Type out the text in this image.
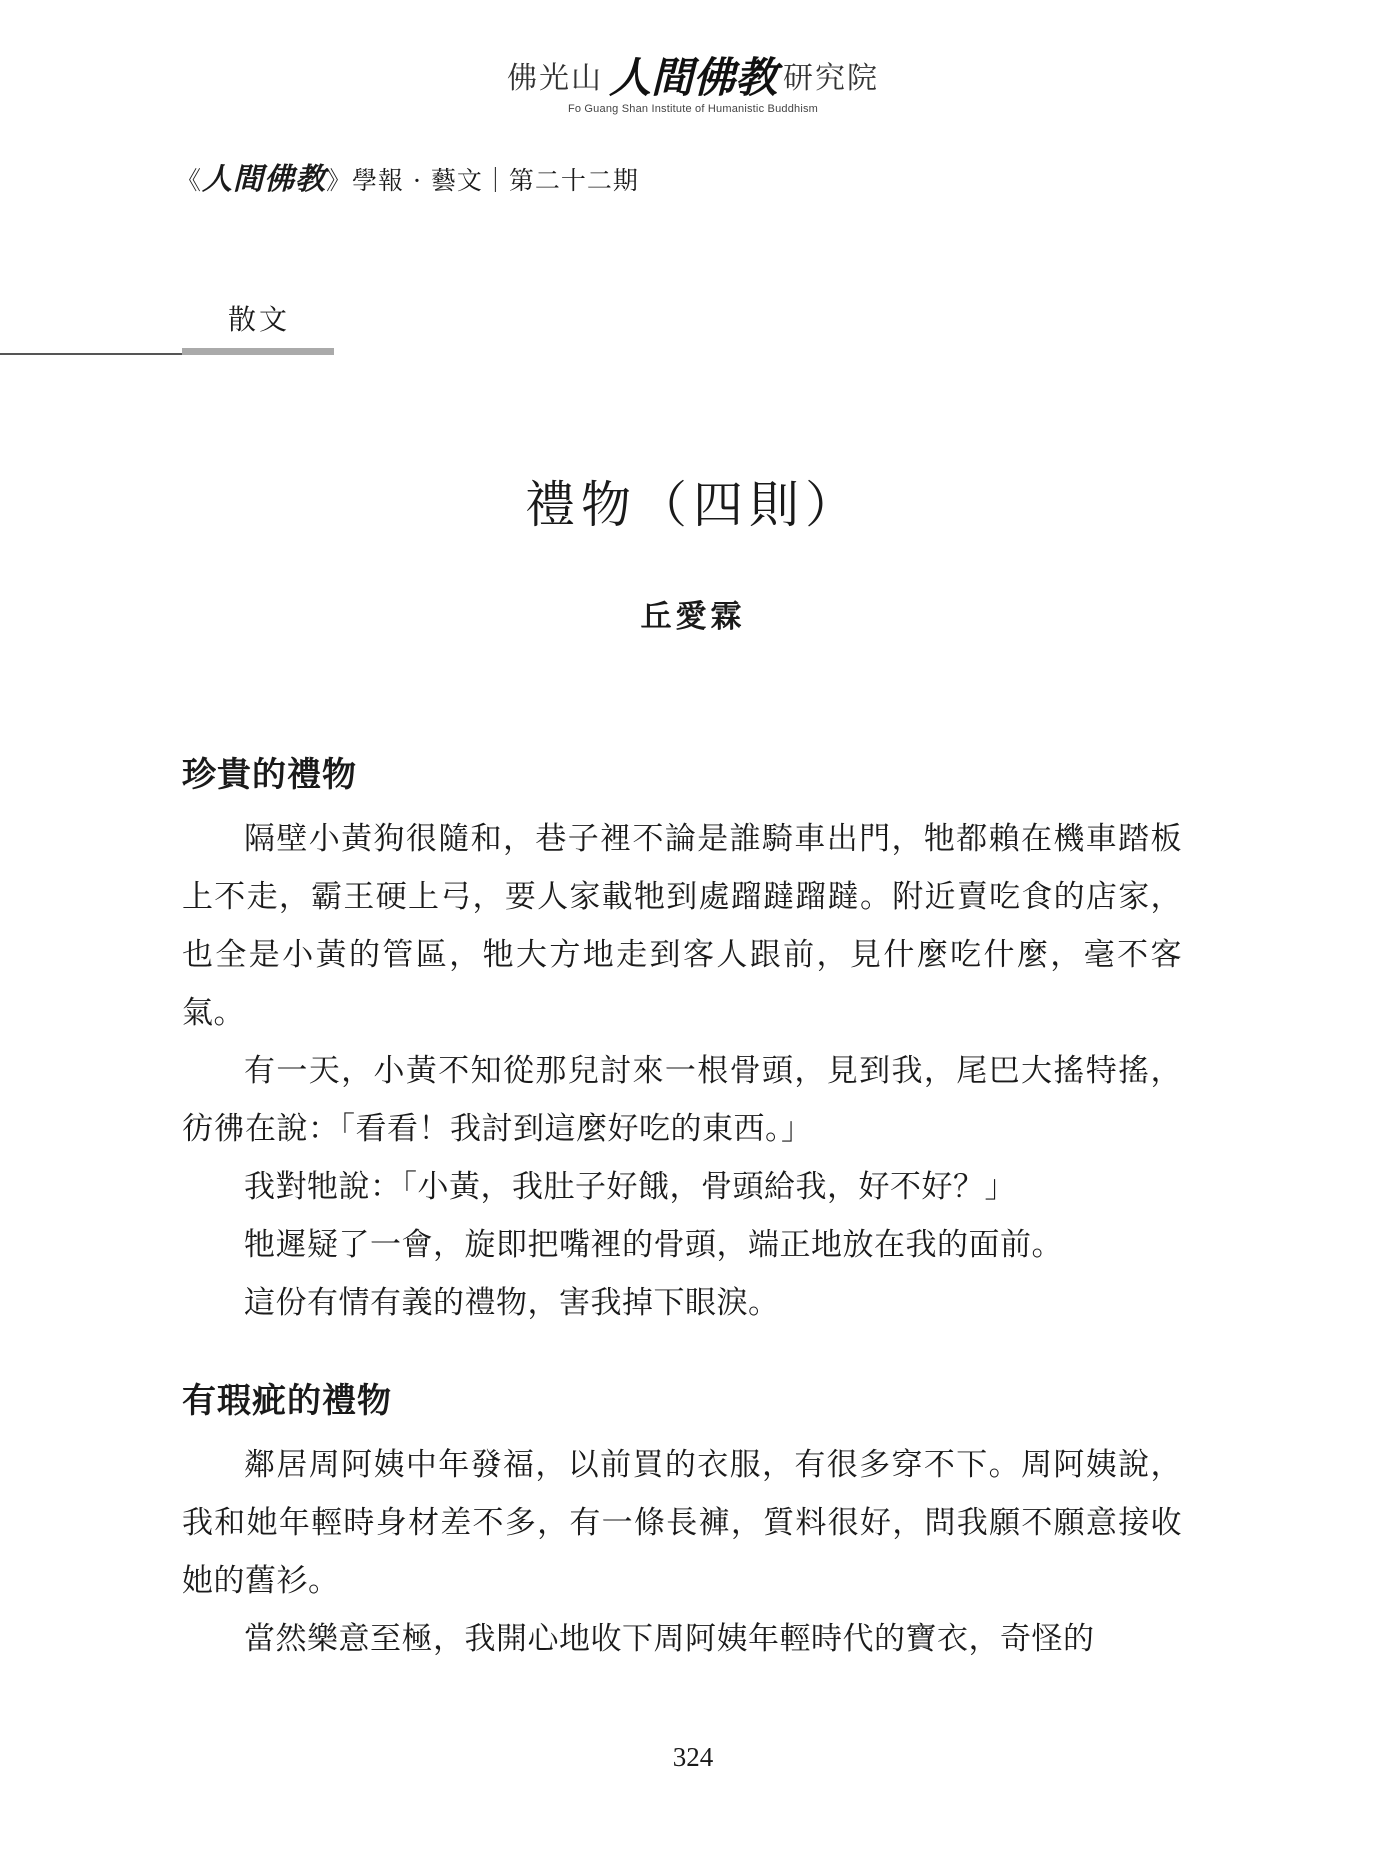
佛光山 人間佛教 研究院
Fo Guang Shan Institute of Humanistic Buddhism
《人間佛教》學報 · 藝文｜第二十二期
散文
禮物（四則）
丘愛霖
珍貴的禮物

隔壁小黃狗很隨和，巷子裡不論是誰騎車出門，牠都賴在機車踏板上不走，霸王硬上弓，要人家載牠到處蹓躂蹓躂。附近賣吃食的店家，也全是小黃的管區，牠大方地走到客人跟前，見什麼吃什麼，毫不客氣。

有一天，小黃不知從那兒討來一根骨頭，見到我，尾巴大搖特搖，彷彿在說：「看看！我討到這麼好吃的東西。」

我對牠說：「小黃，我肚子好餓，骨頭給我，好不好？」

牠遲疑了一會，旋即把嘴裡的骨頭，端正地放在我的面前。

這份有情有義的禮物，害我掉下眼淚。

有瑕疵的禮物

鄰居周阿姨中年發福，以前買的衣服，有很多穿不下。周阿姨說，我和她年輕時身材差不多，有一條長褲，質料很好，問我願不願意接收她的舊衫。

當然樂意至極，我開心地收下周阿姨年輕時代的寶衣，奇怪的

324
